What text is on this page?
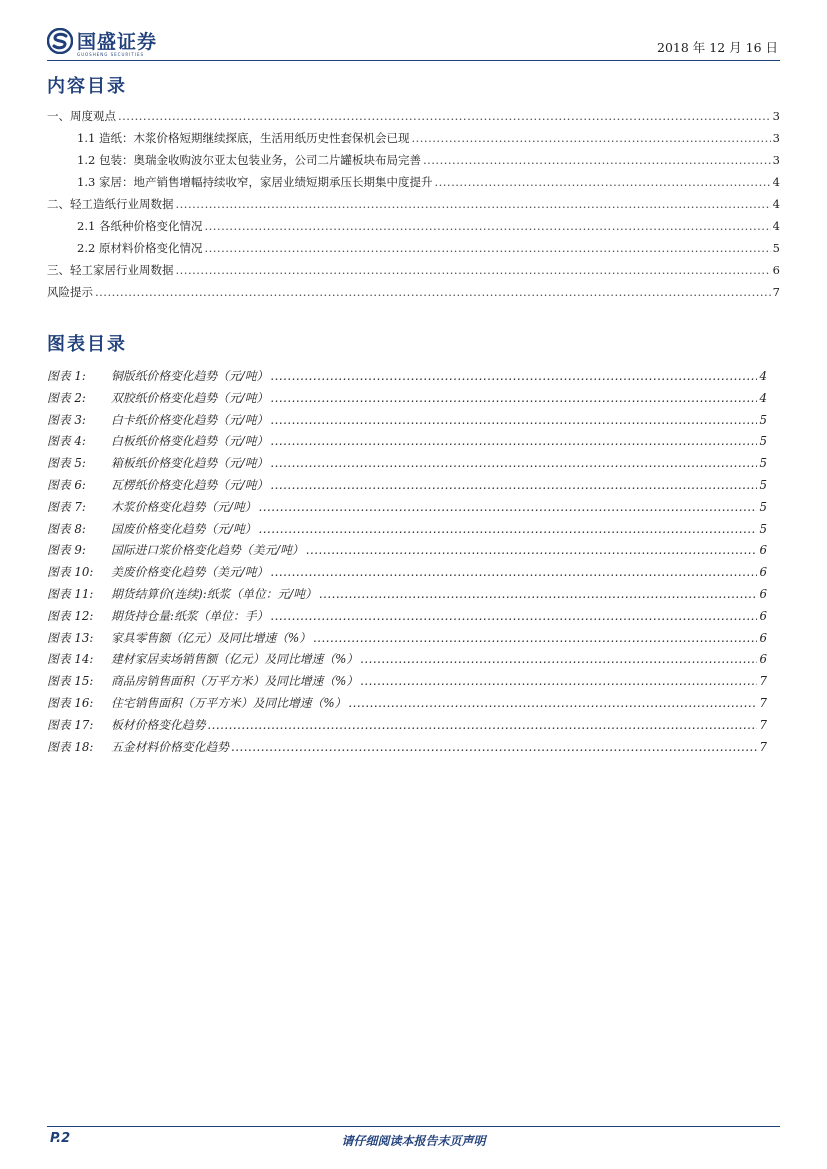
国盛证券
GUOSHENG SECURITIES	2018 年 12 月 16 日
内容目录
一、周度观点 .....	3
1.1 造纸：木浆价格短期继续探底，生活用纸历史性套保机会已现 .....	3
1.2 包装：奥瑞金收购波尔亚太包装业务，公司二片罐板块布局完善 .....	3
1.3 家居：地产销售增幅持续收窄，家居业绩短期承压长期集中度提升 .....	4
二、轻工造纸行业周数据 .....	4
2.1 各纸种价格变化情况 .....	4
2.2 原材料价格变化情况 .....	5
三、轻工家居行业周数据 .....	6
风险提示 .....	7
图表目录
图表 1:	铜版纸价格变化趋势（元/吨） .....	4
图表 2:	双胶纸价格变化趋势（元/吨） .....	4
图表 3:	白卡纸价格变化趋势（元/吨） .....	5
图表 4:	白板纸价格变化趋势（元/吨） .....	5
图表 5:	箱板纸价格变化趋势（元/吨） .....	5
图表 6:	瓦楞纸价格变化趋势（元/吨） .....	5
图表 7:	木浆价格变化趋势（元/吨） .....	5
图表 8:	国废价格变化趋势（元/吨） .....	5
图表 9:	国际进口浆价格变化趋势（美元/吨） .....	6
图表 10:	美废价格变化趋势（美元/吨） .....	6
图表 11:	期货结算价(连续):纸浆（单位：元/吨） .....	6
图表 12:	期货持仓量:纸浆（单位：手） .....	6
图表 13:	家具零售额（亿元）及同比增速（%） .....	6
图表 14:	建材家居卖场销售额（亿元）及同比增速（%） .....	6
图表 15:	商品房销售面积（万平方米）及同比增速（%） .....	7
图表 16:	住宅销售面积（万平方米）及同比增速（%） .....	7
图表 17:	板材价格变化趋势 .....	7
图表 18:	五金材料价格变化趋势 .....	7
P.2	请仔细阅读本报告末页声明
